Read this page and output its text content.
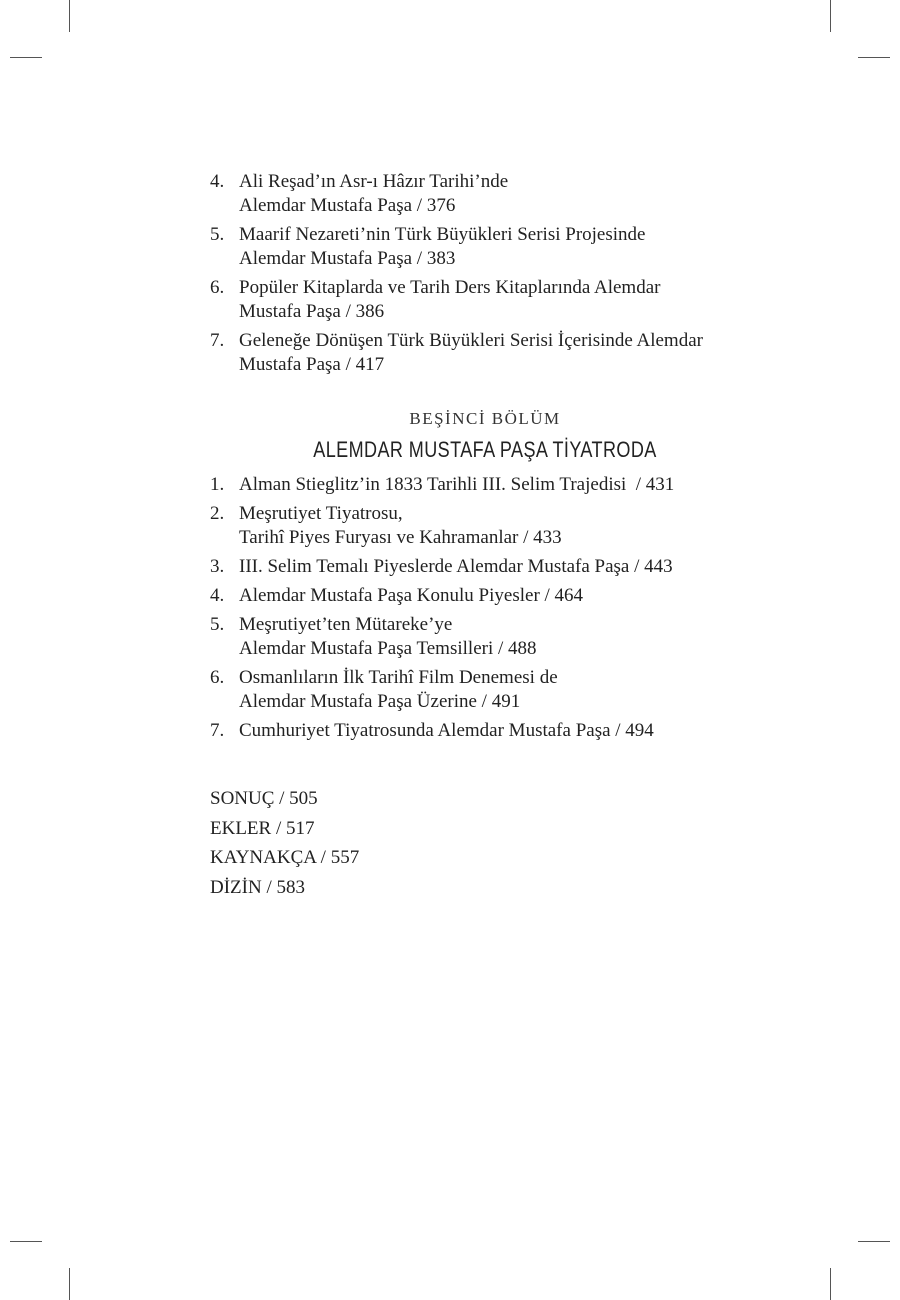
4. Ali Reşad’ın Asr-ı Hâzır Tarihi’nde
Alemdar Mustafa Paşa / 376
5. Maarif Nezareti’nin Türk Büyükleri Serisi Projesinde
Alemdar Mustafa Paşa / 383
6. Popüler Kitaplarda ve Tarih Ders Kitaplarında Alemdar
Mustafa Paşa / 386
7. Geleneğe Dönüşen Türk Büyükleri Serisi İçerisinde Alemdar
Mustafa Paşa / 417
BEŞİNCİ BÖLÜM
ALEMDAR MUSTAFA PAŞA TİYATRODA
1. Alman Stieglitz’in 1833 Tarihli III. Selim Trajedisi  / 431
2. Meşrutiyet Tiyatrosu,
Tarihî Piyes Furyası ve Kahramanlar / 433
3. III. Selim Temalı Piyeslerde Alemdar Mustafa Paşa / 443
4. Alemdar Mustafa Paşa Konulu Piyesler / 464
5. Meşrutiyet’ten Mütareke’ye
Alemdar Mustafa Paşa Temsilleri / 488
6. Osmanlıların İlk Tarihî Film Denemesi de
Alemdar Mustafa Paşa Üzerine / 491
7. Cumhuriyet Tiyatrosunda Alemdar Mustafa Paşa / 494
SONUÇ / 505
EKLER / 517
KAYNAKÇA / 557
DİZİN / 583
